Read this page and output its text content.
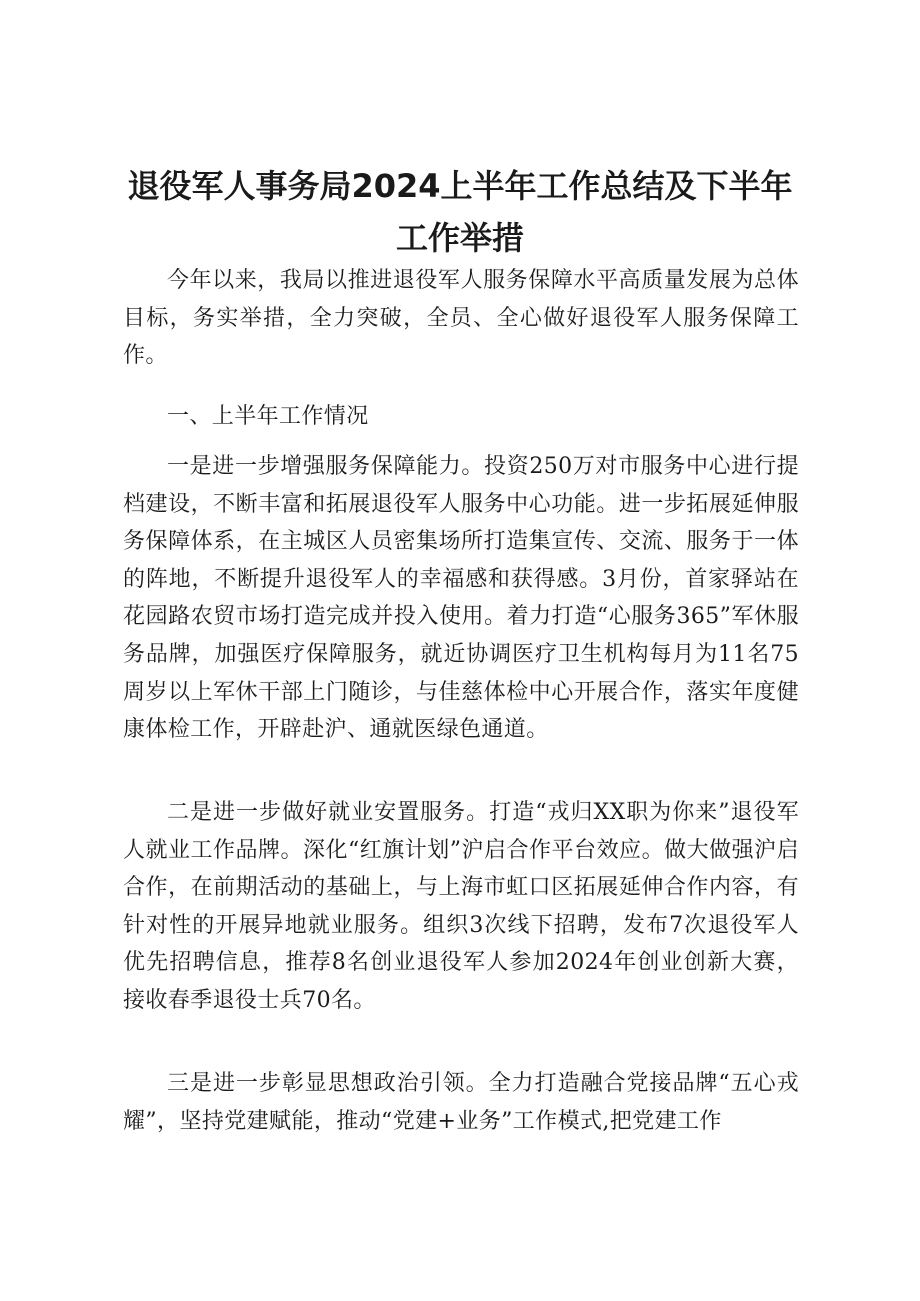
退役军人事务局2024上半年工作总结及下半年
工作举措

今年以来，我局以推进退役军人服务保障水平高质量发展为总体目标，务实举措，全力突破，全员、全心做好退役军人服务保障工作。

一、上半年工作情况

一是进一步增强服务保障能力。投资250万对市服务中心进行提档建设，不断丰富和拓展退役军人服务中心功能。进一步拓展延伸服务保障体系，在主城区人员密集场所打造集宣传、交流、服务于一体的阵地，不断提升退役军人的幸福感和获得感。3月份，首家驿站在花园路农贸市场打造完成并投入使用。着力打造“心服务365”军休服务品牌，加强医疗保障服务，就近协调医疗卫生机构每月为11名75周岁以上军休干部上门随诊，与佳慈体检中心开展合作，落实年度健康体检工作，开辟赴沪、通就医绿色通道。

二是进一步做好就业安置服务。打造“戎归XX职为你来”退役军人就业工作品牌。深化“红旗计划”沪启合作平台效应。做大做强沪启合作，在前期活动的基础上，与上海市虹口区拓展延伸合作内容，有针对性的开展异地就业服务。组织3次线下招聘，发布7次退役军人优先招聘信息，推荐8名创业退役军人参加2024年创业创新大赛，接收春季退役士兵70名。

三是进一步彰显思想政治引领。全力打造融合党接品牌“五心戎耀”，坚持党建赋能，推动“党建+业务”工作模式,把党建工作
